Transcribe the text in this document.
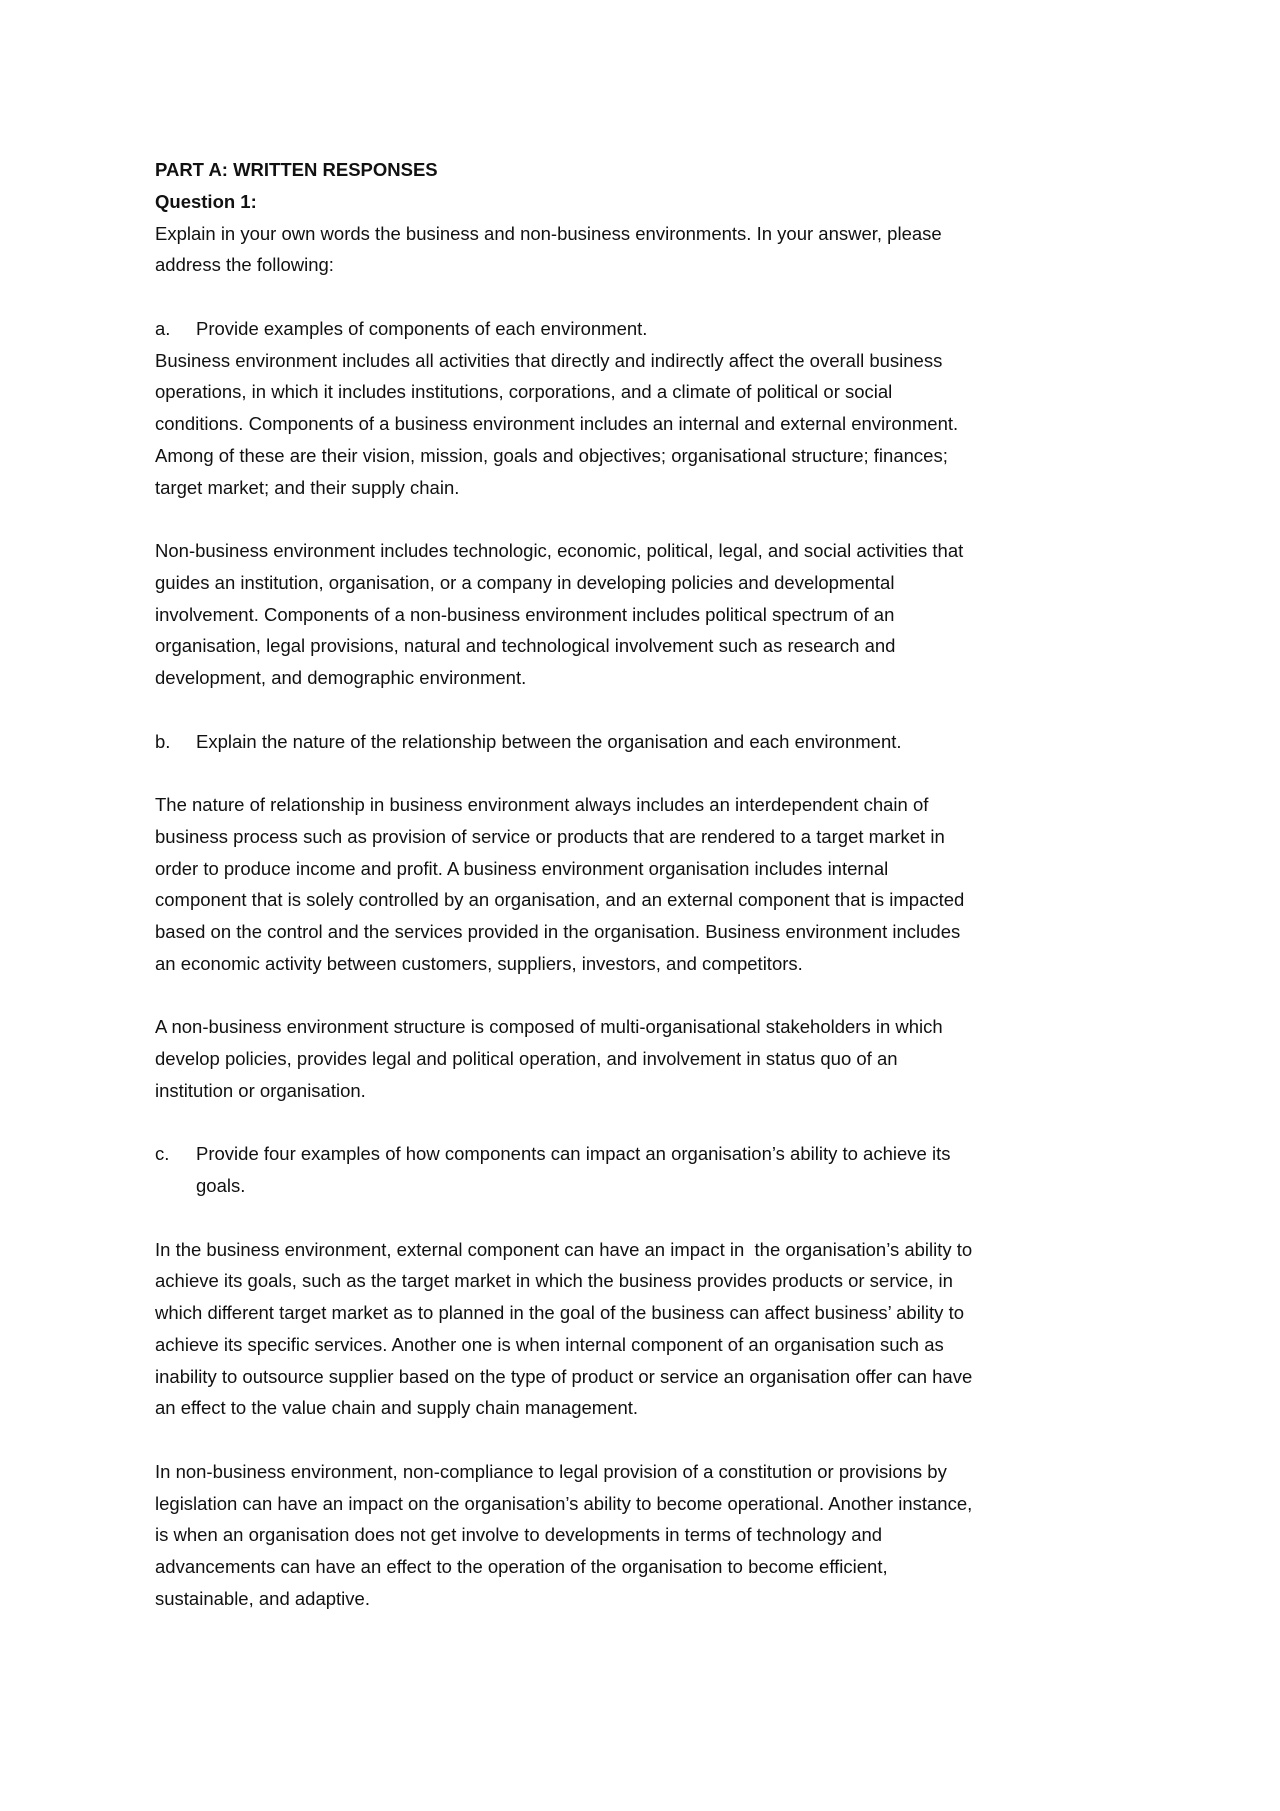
PART A: WRITTEN RESPONSES
Question 1:
Explain in your own words the business and non-business environments. In your answer, please
address the following:
a.	Provide examples of components of each environment.
Business environment includes all activities that directly and indirectly affect the overall business
operations, in which it includes institutions, corporations, and a climate of political or social
conditions. Components of a business environment includes an internal and external environment.
Among of these are their vision, mission, goals and objectives; organisational structure; finances;
target market; and their supply chain.
Non-business environment includes technologic, economic, political, legal, and social activities that
guides an institution, organisation, or a company in developing policies and developmental
involvement. Components of a non-business environment includes political spectrum of an
organisation, legal provisions, natural and technological involvement such as research and
development, and demographic environment.
b.	Explain the nature of the relationship between the organisation and each environment.
The nature of relationship in business environment always includes an interdependent chain of
business process such as provision of service or products that are rendered to a target market in
order to produce income and profit. A business environment organisation includes internal
component that is solely controlled by an organisation, and an external component that is impacted
based on the control and the services provided in the organisation. Business environment includes
an economic activity between customers, suppliers, investors, and competitors.
A non-business environment structure is composed of multi-organisational stakeholders in which
develop policies, provides legal and political operation, and involvement in status quo of an
institution or organisation.
c.	Provide four examples of how components can impact an organisation’s ability to achieve its
goals.
In the business environment, external component can have an impact in  the organisation’s ability to
achieve its goals, such as the target market in which the business provides products or service, in
which different target market as to planned in the goal of the business can affect business’ ability to
achieve its specific services. Another one is when internal component of an organisation such as
inability to outsource supplier based on the type of product or service an organisation offer can have
an effect to the value chain and supply chain management.
In non-business environment, non-compliance to legal provision of a constitution or provisions by
legislation can have an impact on the organisation’s ability to become operational. Another instance,
is when an organisation does not get involve to developments in terms of technology and
advancements can have an effect to the operation of the organisation to become efficient,
sustainable, and adaptive.
